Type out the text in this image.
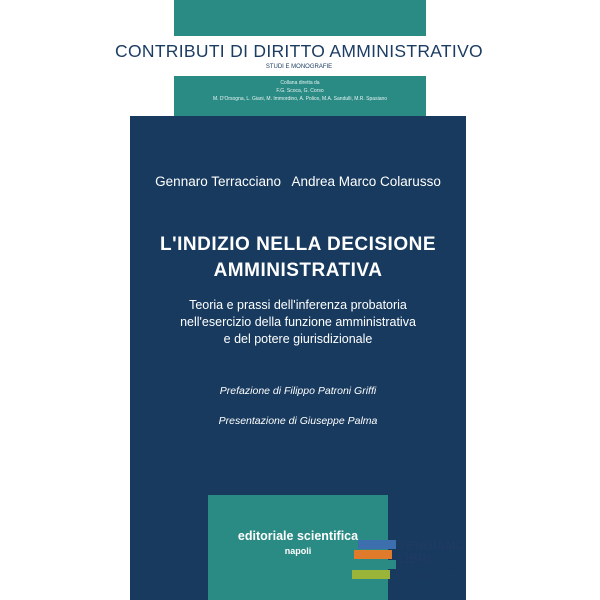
CONTRIBUTI DI DIRITTO AMMINISTRATIVO
STUDI E MONOGRAFIE
Collana diretta da
F.G. Scoca, G. Corso
M. D'Orsogna, L. Giani, M. Immordino, A. Police, M.A. Sandulli, M.R. Spasiano
Gennaro Terracciano   Andrea Marco Colarusso
L'INDIZIO NELLA DECISIONE
AMMINISTRATIVA
Teoria e prassi dell'inferenza probatoria
nell'esercizio della funzione amministrativa
e del potere giurisdizionale
Prefazione di Filippo Patroni Griffi
Presentazione di Giuseppe Palma
editoriale scientifica
napoli	VENDIAMO
LIBRI
DI TUTTI A TUTTI
